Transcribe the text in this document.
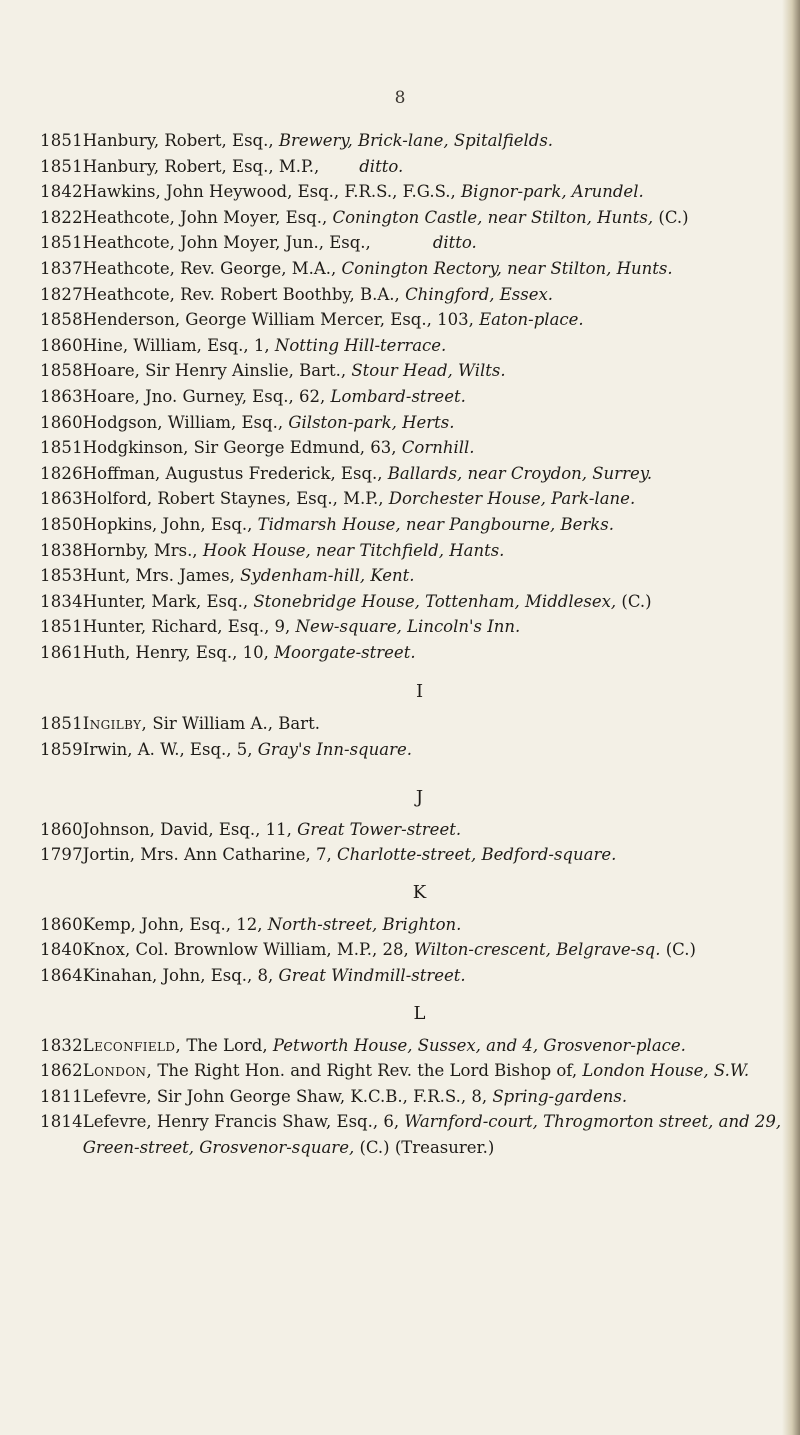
8
1851 Hanbury, Robert, Esq., Brewery, Brick-lane, Spitalfields.
1851 Hanbury, Robert, Esq., M.P., ditto.
1842 Hawkins, John Heywood, Esq., F.R.S., F.G.S., Bignor-park, Arundel.
1822 Heathcote, John Moyer, Esq., Conington Castle, near Stilton, Hunts, (C.)
1851 Heathcote, John Moyer, Jun., Esq.,	ditto.
1837 Heathcote, Rev. George, M.A., Conington Rectory, near Stilton, Hunts.
1827 Heathcote, Rev. Robert Boothby, B.A., Chingford, Essex.
1858 Henderson, George William Mercer, Esq., 103, Eaton-place.
1860 Hine, William, Esq., 1, Notting Hill-terrace.
1858 Hoare, Sir Henry Ainslie, Bart., Stour Head, Wilts.
1863 Hoare, Jno. Gurney, Esq., 62, Lombard-street.
1860 Hodgson, William, Esq., Gilston-park, Herts.
1851 Hodgkinson, Sir George Edmund, 63, Cornhill.
1826 Hoffman, Augustus Frederick, Esq., Ballards, near Croydon, Surrey.
1863 Holford, Robert Staynes, Esq., M.P., Dorchester House, Park-lane.
1850 Hopkins, John, Esq., Tidmarsh House, near Pangbourne, Berks.
1838 Hornby, Mrs., Hook House, near Titchfield, Hants.
1853 Hunt, Mrs. James, Sydenham-hill, Kent.
1834 Hunter, Mark, Esq., Stonebridge House, Tottenham, Middlesex, (C.)
1851 Hunter, Richard, Esq., 9, New-square, Lincoln's Inn.
1861 Huth, Henry, Esq., 10, Moorgate-street.
I
1851 Ingilby, Sir William A., Bart.
1859 Irwin, A. W., Esq., 5, Gray's Inn-square.
J
1860 Johnson, David, Esq., 11, Great Tower-street.
1797 Jortin, Mrs. Ann Catharine, 7, Charlotte-street, Bedford-square.
K
1860 Kemp, John, Esq., 12, North-street, Brighton.
1840 Knox, Col. Brownlow William, M.P., 28, Wilton-crescent, Belgrave-sq. (C.)
1864 Kinahan, John, Esq., 8, Great Windmill-street.
L
1832 Leconfield, The Lord, Petworth House, Sussex, and 4, Grosvenor-place.
1862 London, The Right Hon. and Right Rev. the Lord Bishop of, London House, S.W.
1811 Lefevre, Sir John George Shaw, K.C.B., F.R.S., 8, Spring-gardens.
1814 Lefevre, Henry Francis Shaw, Esq., 6, Warnford-court, Throgmorton street, and 29, Green-street, Grosvenor-square, (C.) (Treasurer.)
